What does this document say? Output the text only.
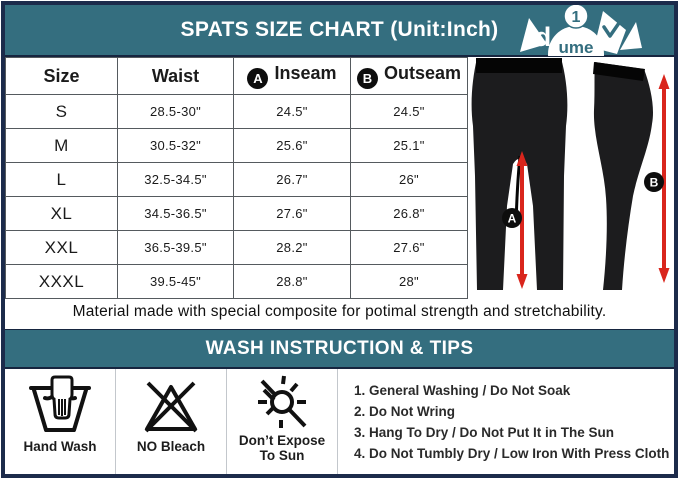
SPATS SIZE CHART (Unit:Inch)	d
1
ume
Size	Waist	A Inseam	B Outseam
S	28.5-30"	24.5"	24.5"
M	30.5-32"	25.6"	25.1"
L	32.5-34.5"	26.7"	26"
XL	34.5-36.5"	27.6"	26.8"
XXL	36.5-39.5"	28.2"	27.6"
XXXL	39.5-45"	28.8"	28"
A
B
Material made with special composite for potimal strength and stretchability.
WASH INSTRUCTION & TIPS
Hand Wash	NO Bleach Don’t Expose
To Sun
1. General Washing / Do Not Soak
2. Do Not Wring
3. Hang To Dry / Do Not Put It in The Sun
4. Do Not Tumbly Dry / Low Iron With Press Cloth
